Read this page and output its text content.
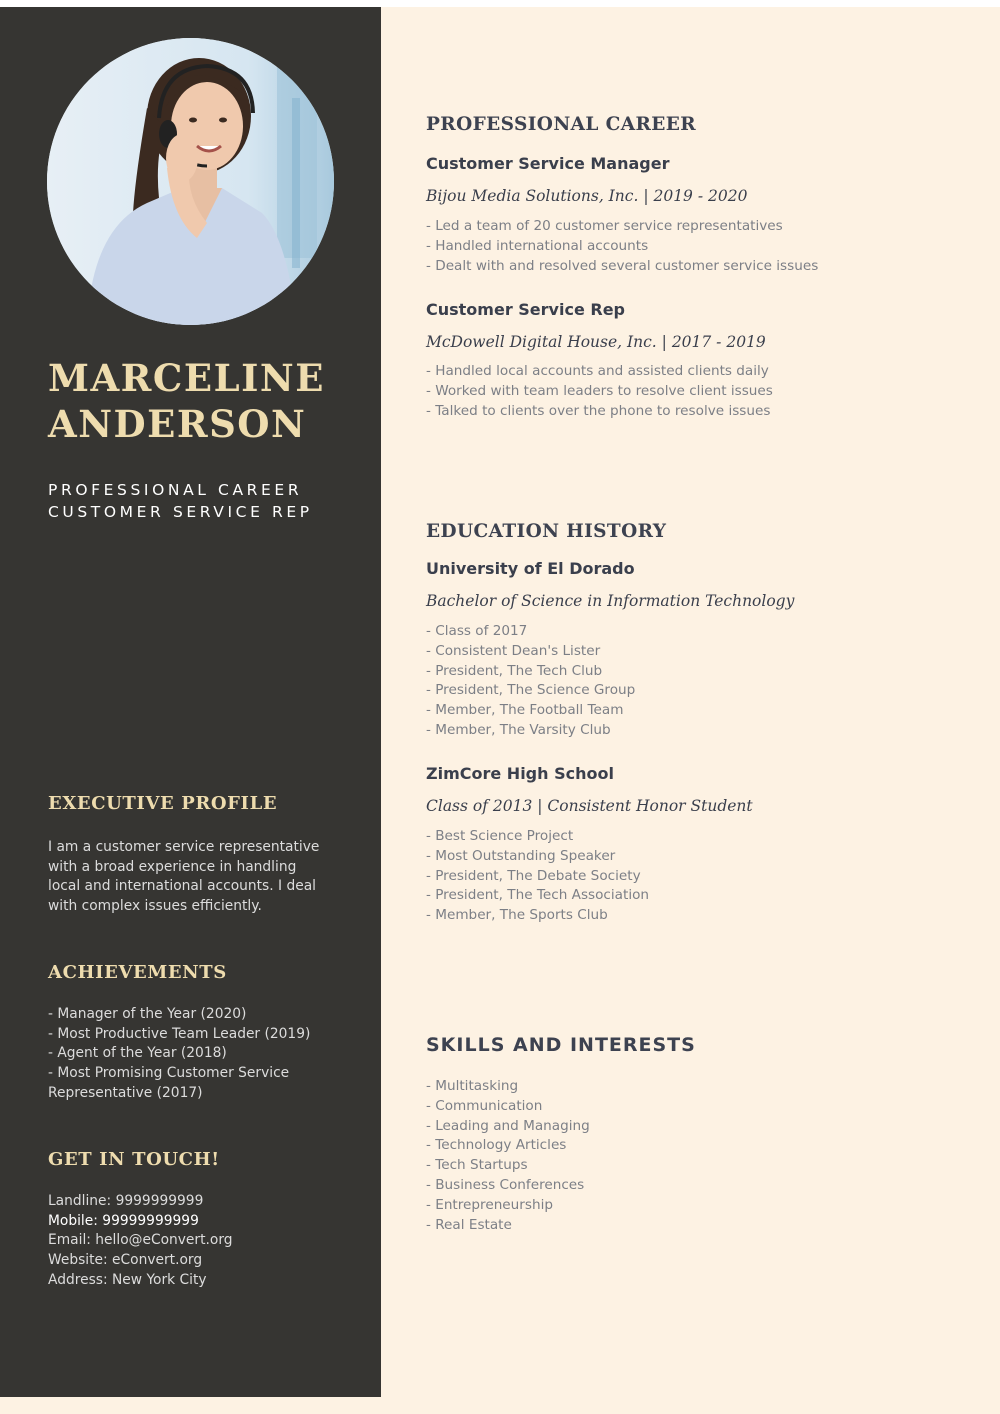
MARCELINE
ANDERSON
PROFESSIONAL CAREER
CUSTOMER SERVICE REP
EXECUTIVE PROFILE
I am a customer service representative
with a broad experience in handling
local and international accounts. I deal
with complex issues efficiently.
ACHIEVEMENTS
- Manager of the Year (2020)
- Most Productive Team Leader (2019)
- Agent of the Year (2018)
- Most Promising Customer Service
Representative (2017)
GET IN TOUCH!
Landline: 9999999999
Mobile: 99999999999
Email: hello@eConvert.org
Website: eConvert.org
Address: New York City
PROFESSIONAL CAREER
Customer Service Manager
Bijou Media Solutions, Inc. | 2019 - 2020
- Led a team of 20 customer service representatives
- Handled international accounts
- Dealt with and resolved several customer service issues
Customer Service Rep
McDowell Digital House, Inc. | 2017 - 2019
- Handled local accounts and assisted clients daily
- Worked with team leaders to resolve client issues
- Talked to clients over the phone to resolve issues
EDUCATION HISTORY
University of El Dorado
Bachelor of Science in Information Technology
- Class of 2017
- Consistent Dean's Lister
- President, The Tech Club
- President, The Science Group
- Member, The Football Team
- Member, The Varsity Club
ZimCore High School
Class of 2013 | Consistent Honor Student
- Best Science Project
- Most Outstanding Speaker
- President, The Debate Society
- President, The Tech Association
- Member, The Sports Club
SKILLS AND INTERESTS
- Multitasking
- Communication
- Leading and Managing
- Technology Articles
- Tech Startups
- Business Conferences
- Entrepreneurship
- Real Estate
